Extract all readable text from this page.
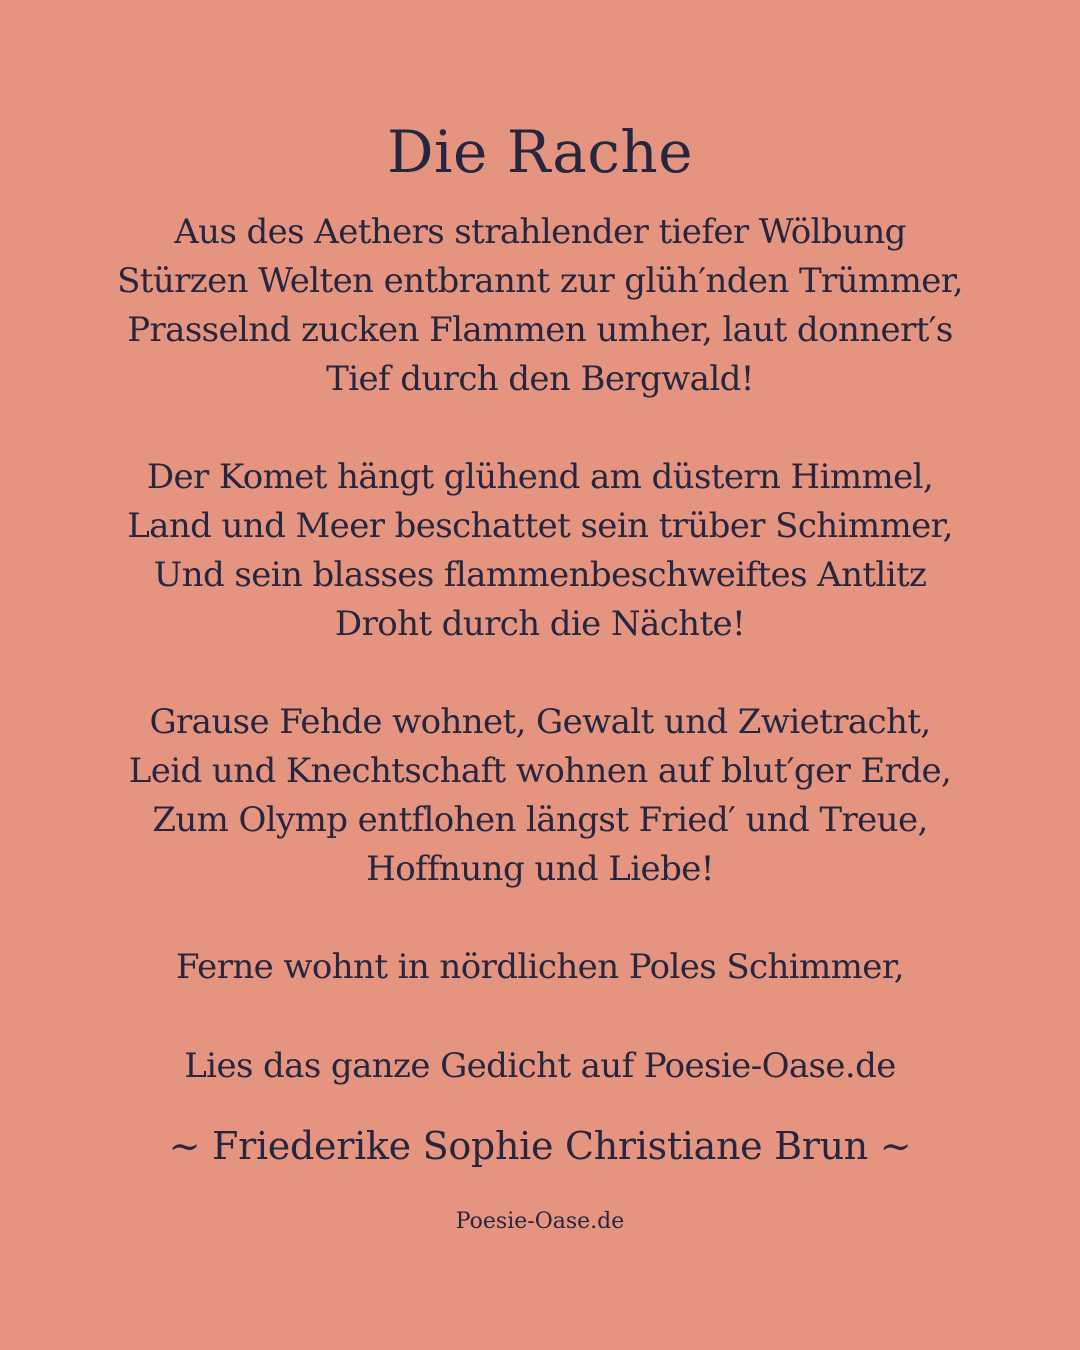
Die Rache
Aus des Aethers strahlender tiefer Wölbung
Stürzen Welten entbrannt zur glüh′nden Trümmer,
Prasselnd zucken Flammen umher, laut donnert′s
Tief durch den Bergwald!
Der Komet hängt glühend am düstern Himmel,
Land und Meer beschattet sein trüber Schimmer,
Und sein blasses flammenbeschweiftes Antlitz
Droht durch die Nächte!
Grause Fehde wohnet, Gewalt und Zwietracht,
Leid und Knechtschaft wohnen auf blut′ger Erde,
Zum Olymp entflohen längst Fried′ und Treue,
Hoffnung und Liebe!
Ferne wohnt in nördlichen Poles Schimmer,
Lies das ganze Gedicht auf Poesie-Oase.de
~ Friederike Sophie Christiane Brun ~
Poesie-Oase.de
